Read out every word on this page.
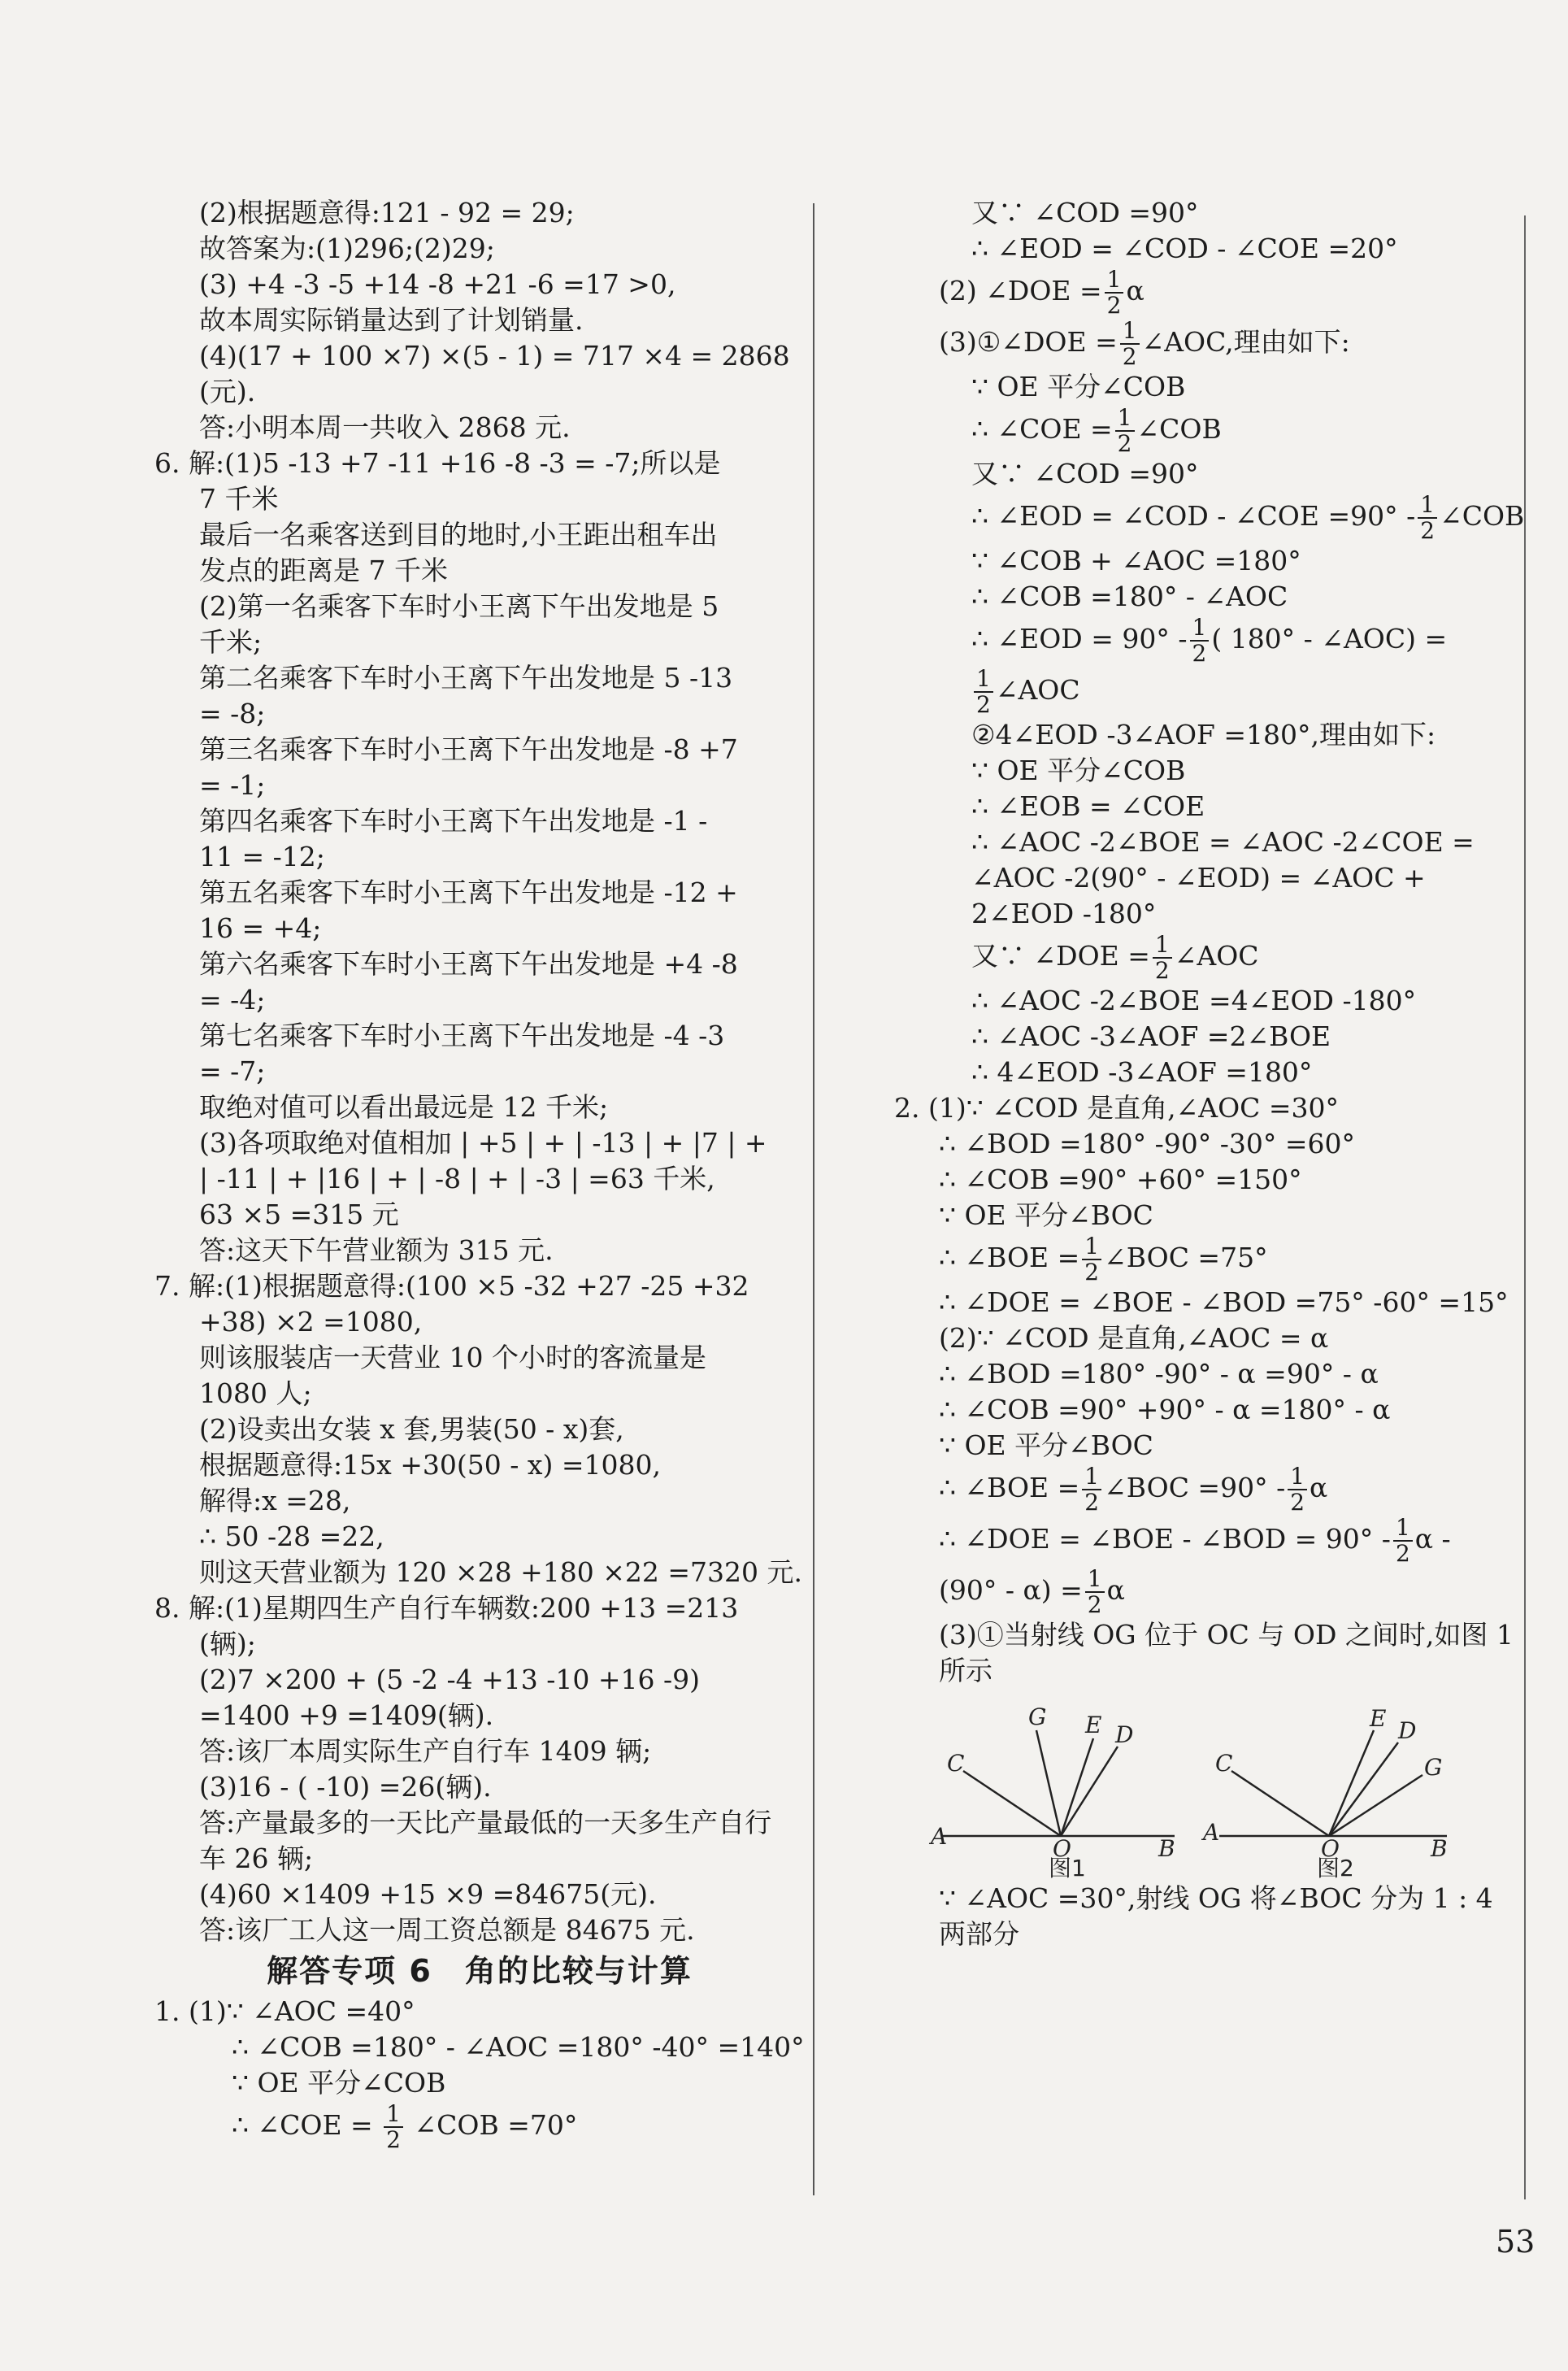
(2)根据题意得:121 - 92 = 29;
故答案为:(1)296;(2)29;
(3) +4 -3 -5 +14 -8 +21 -6 =17 >0,
故本周实际销量达到了计划销量.
(4)(17 + 100 ×7) ×(5 - 1) = 717 ×4 = 2868
(元).
答:小明本周一共收入 2868 元.
6. 解:(1)5 -13 +7 -11 +16 -8 -3 = -7;所以是
7 千米
最后一名乘客送到目的地时,小王距出租车出
发点的距离是 7 千米
(2)第一名乘客下车时小王离下午出发地是 5
千米;
第二名乘客下车时小王离下午出发地是 5 -13
= -8;
第三名乘客下车时小王离下午出发地是 -8 +7
= -1;
第四名乘客下车时小王离下午出发地是 -1 -
11 = -12;
第五名乘客下车时小王离下午出发地是 -12 +
16 = +4;
第六名乘客下车时小王离下午出发地是 +4 -8
= -4;
第七名乘客下车时小王离下午出发地是 -4 -3
= -7;
取绝对值可以看出最远是 12 千米;
(3)各项取绝对值相加 | +5 | + | -13 | + |7 | +
| -11 | + |16 | + | -8 | + | -3 | =63 千米,
63 ×5 =315 元
答:这天下午营业额为 315 元.
7. 解:(1)根据题意得:(100 ×5 -32 +27 -25 +32
+38) ×2 =1080,
则该服装店一天营业 10 个小时的客流量是
1080 人;
(2)设卖出女装 x 套,男装(50 - x)套,
根据题意得:15x +30(50 - x) =1080,
解得:x =28,
∴ 50 -28 =22,
则这天营业额为 120 ×28 +180 ×22 =7320 元.
8. 解:(1)星期四生产自行车辆数:200 +13 =213
(辆);
(2)7 ×200 + (5 -2 -4 +13 -10 +16 -9)
=1400 +9 =1409(辆).
答:该厂本周实际生产自行车 1409 辆;
(3)16 - ( -10) =26(辆).
答:产量最多的一天比产量最低的一天多生产自行
车 26 辆;
(4)60 ×1409 +15 ×9 =84675(元).
答:该厂工人这一周工资总额是 84675 元.
解答专项 6　角的比较与计算
1. (1)∵ ∠AOC =40°
∴ ∠COB =180° - ∠AOC =180° -40° =140°
∵ OE 平分∠COB
∴ ∠COE = $\frac{1}{2}$ ∠COB =70°
又∵ ∠COD =90°
∴ ∠EOD = ∠COD - ∠COE =20°
(2) ∠DOE = $\frac{1}{2}$ α
(3)①∠DOE = $\frac{1}{2}$ ∠AOC,理由如下:
∵ OE 平分∠COB
∴ ∠COE = $\frac{1}{2}$ ∠COB
又∵ ∠COD =90°
∴ ∠EOD = ∠COD - ∠COE $=90^\circ - \frac{1}{2}$ ∠COB
∵ ∠COB + ∠AOC =180°
∴ ∠COB =180° - ∠AOC
∴ ∠EOD = $90^\circ - \frac{1}{2}$ ( 180° - ∠AOC) =
$\frac{1}{2}$ ∠AOC
②4∠EOD -3∠AOF =180°,理由如下:
∵ OE 平分∠COB
∴ ∠EOB = ∠COE
∴ ∠AOC -2∠BOE = ∠AOC -2∠COE =
∠AOC -2(90° - ∠EOD) = ∠AOC +
2∠EOD -180°
又∵ ∠DOE = $\frac{1}{2}$ ∠AOC
∴ ∠AOC -2∠BOE =4∠EOD -180°
∴ ∠AOC -3∠AOF =2∠BOE
∴ 4∠EOD -3∠AOF =180°
2. (1)∵ ∠COD 是直角,∠AOC =30°
∴ ∠BOD =180° -90° -30° =60°
∴ ∠COB =90° +60° =150°
∵ OE 平分∠BOC
∴ ∠BOE = $\frac{1}{2}$ ∠BOC =75°
∴ ∠DOE = ∠BOE - ∠BOD =75° -60° =15°
(2)∵ ∠COD 是直角,∠AOC = α
∴ ∠BOD =180° -90° - α =90° - α
∴ ∠COB =90° +90° - α =180° - α
∵ OE 平分∠BOC
∴ ∠BOE = $\frac{1}{2}$ ∠BOC $=90^\circ - \frac{1}{2}$ α
∴ ∠DOE = ∠BOE - ∠BOD = $90^\circ - \frac{1}{2}$ α -
$(90^\circ - \alpha) = \frac{1}{2}$ α
(3)①当射线 OG 位于 OC 与 OD 之间时,如图 1
所示
G E D
C
A	O	B
E D
C	G
A
O	B
图1	图2
∵ ∠AOC =30°,射线 OG 将∠BOC 分为 1 : 4
两部分
53
